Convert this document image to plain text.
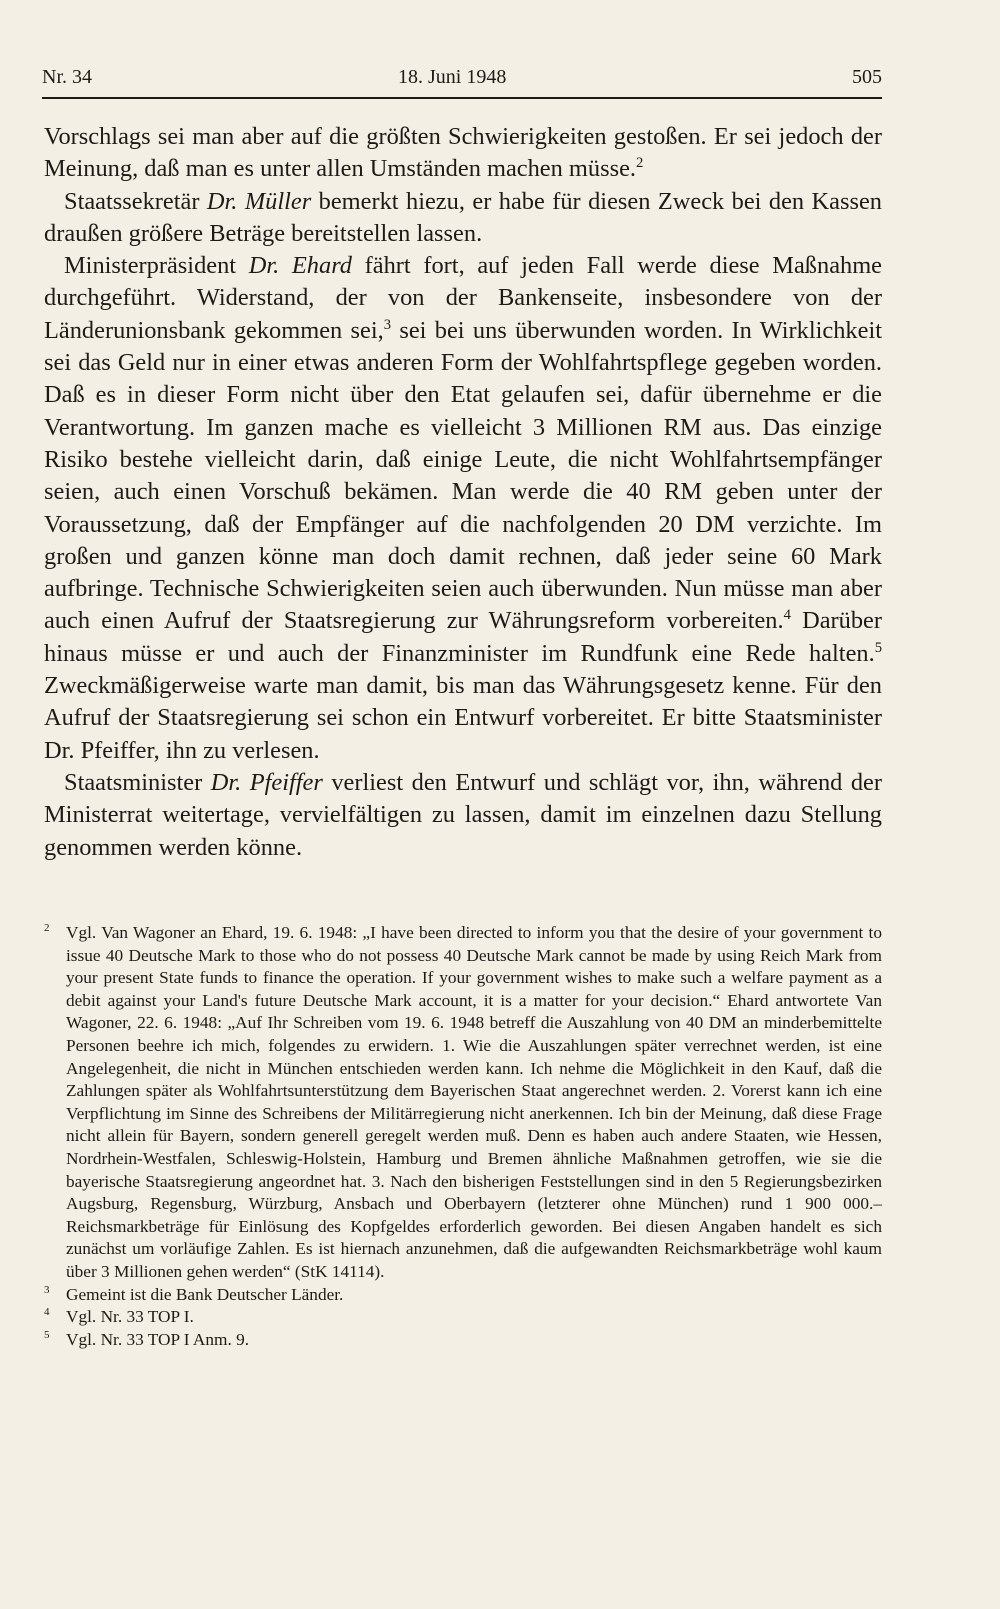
Nr. 34	18. Juni 1948	505

Vorschlags sei man aber auf die größten Schwierigkeiten gestoßen. Er sei jedoch der Meinung, daß man es unter allen Umständen machen müsse.$^2$

Staatssekretär Dr. Müller bemerkt hiezu, er habe für diesen Zweck bei den Kassen draußen größere Beträge bereitstellen lassen.

Ministerpräsident Dr. Ehard fährt fort, auf jeden Fall werde diese Maßnahme durchgeführt. Widerstand, der von der Bankenseite, insbesondere von der Länderunionsbank gekommen sei,$^3$ sei bei uns überwunden worden. In Wirklichkeit sei das Geld nur in einer etwas anderen Form der Wohlfahrtspflege gegeben worden. Daß es in dieser Form nicht über den Etat gelaufen sei, dafür übernehme er die Verantwortung. Im ganzen mache es vielleicht 3 Millionen RM aus. Das einzige Risiko bestehe vielleicht darin, daß einige Leute, die nicht Wohlfahrtsempfänger seien, auch einen Vorschuß bekämen. Man werde die 40 RM geben unter der Voraussetzung, daß der Empfänger auf die nachfolgenden 20 DM verzichte. Im großen und ganzen könne man doch damit rechnen, daß jeder seine 60 Mark aufbringe. Technische Schwierigkeiten seien auch überwunden. Nun müsse man aber auch einen Aufruf der Staatsregierung zur Währungsreform vorbereiten.$^4$ Darüber hinaus müsse er und auch der Finanzminister im Rundfunk eine Rede halten.$^5$ Zweckmäßigerweise warte man damit, bis man das Währungsgesetz kenne. Für den Aufruf der Staatsregierung sei schon ein Entwurf vorbereitet. Er bitte Staatsminister Dr. Pfeiffer, ihn zu verlesen.

Staatsminister Dr. Pfeiffer verliest den Entwurf und schlägt vor, ihn, während der Ministerrat weitertage, vervielfältigen zu lassen, damit im einzelnen dazu Stellung genommen werden könne.

2 Vgl. Van Wagoner an Ehard, 19. 6. 1948: „I have been directed to inform you that the desire of your government to issue 40 Deutsche Mark to those who do not possess 40 Deutsche Mark cannot be made by using Reich Mark from your present State funds to finance the operation. If your government wishes to make such a welfare payment as a debit against your Land's future Deutsche Mark account, it is a matter for your decision.“ Ehard antwortete Van Wagoner, 22. 6. 1948: „Auf Ihr Schreiben vom 19. 6. 1948 betreff die Auszahlung von 40 DM an minderbemittelte Personen beehre ich mich, folgendes zu erwidern. 1. Wie die Auszahlungen später verrechnet werden, ist eine Angelegenheit, die nicht in München entschieden werden kann. Ich nehme die Möglichkeit in den Kauf, daß die Zahlungen später als Wohlfahrtsunterstützung dem Bayerischen Staat angerechnet werden. 2. Vorerst kann ich eine Verpflichtung im Sinne des Schreibens der Militärregierung nicht anerkennen. Ich bin der Meinung, daß diese Frage nicht allein für Bayern, sondern generell geregelt werden muß. Denn es haben auch andere Staaten, wie Hessen, Nordrhein-Westfalen, Schleswig-Holstein, Hamburg und Bremen ähnliche Maßnahmen getroffen, wie sie die bayerische Staatsregierung angeordnet hat. 3. Nach den bisherigen Feststellungen sind in den 5 Regierungsbezirken Augsburg, Regensburg, Würzburg, Ansbach und Oberbayern (letzterer ohne München) rund 1 900 000.– Reichsmarkbeträge für Einlösung des Kopfgeldes erforderlich geworden. Bei diesen Angaben handelt es sich zunächst um vorläufige Zahlen. Es ist hiernach anzunehmen, daß die aufgewandten Reichsmarkbeträge wohl kaum über 3 Millionen gehen werden“ (StK 14114).

3 Gemeint ist die Bank Deutscher Länder.

4 Vgl. Nr. 33 TOP I.

5 Vgl. Nr. 33 TOP I Anm. 9.
